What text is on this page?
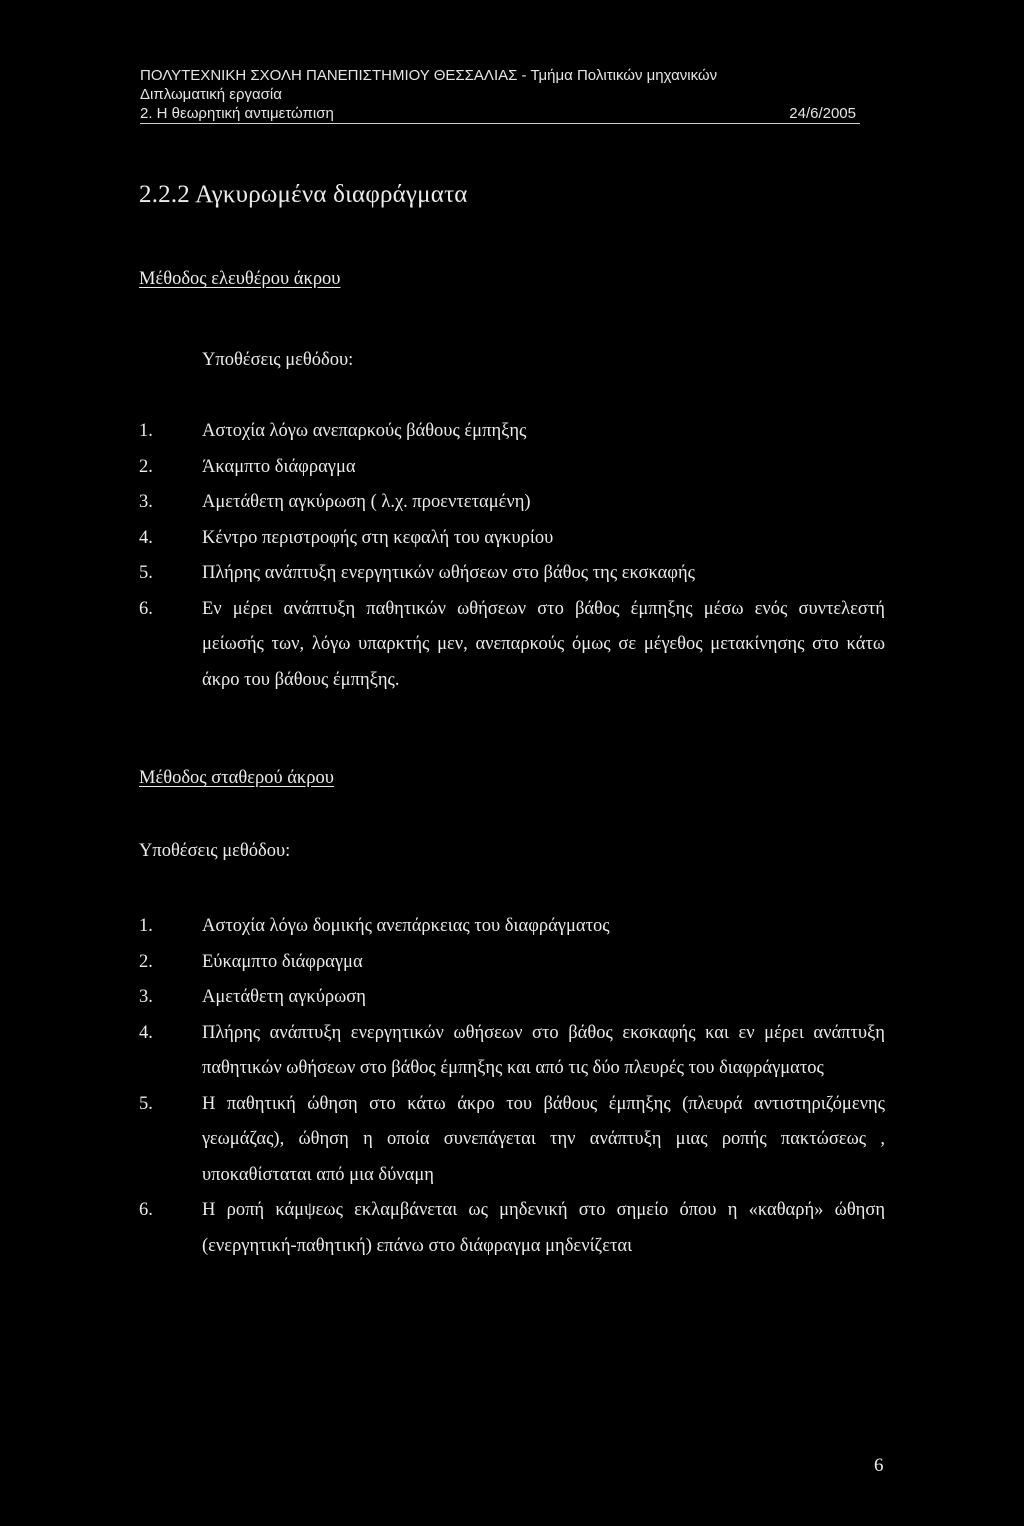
ΠΟΛΥΤΕΧΝΙΚΗ ΣΧΟΛΗ ΠΑΝΕΠΙΣΤΗΜΙΟΥ ΘΕΣΣΑΛΙΑΣ - Τμήμα Πολιτικών μηχανικών
Διπλωματική εργασία
2. Η θεωρητική αντιμετώπιση	24/6/2005
2.2.2 Αγκυρωμένα διαφράγματα
Μέθοδος ελευθέρου άκρου
Υποθέσεις μεθόδου:
1.	Αστοχία λόγω ανεπαρκούς βάθους έμπηξης
2.	Άκαμπτο διάφραγμα
3.	Αμετάθετη αγκύρωση ( λ.χ. προεντεταμένη)
4.	Κέντρο περιστροφής στη κεφαλή του αγκυρίου
5.	Πλήρης ανάπτυξη ενεργητικών ωθήσεων στο βάθος της εκσκαφής
6.	Εν μέρει ανάπτυξη παθητικών ωθήσεων στο βάθος έμπηξης μέσω ενός συντελεστή μείωσής των, λόγω υπαρκτής μεν, ανεπαρκούς όμως σε μέγεθος μετακίνησης στο κάτω άκρο του βάθους έμπηξης.
Μέθοδος σταθερού άκρου
Υποθέσεις μεθόδου:
1.	Αστοχία λόγω δομικής ανεπάρκειας του διαφράγματος
2.	Εύκαμπτο διάφραγμα
3.	Αμετάθετη αγκύρωση
4.	Πλήρης ανάπτυξη ενεργητικών ωθήσεων στο βάθος εκσκαφής και εν μέρει ανάπτυξη παθητικών ωθήσεων στο βάθος έμπηξης και από τις δύο πλευρές του διαφράγματος
5.	Η παθητική ώθηση στο κάτω άκρο του βάθους έμπηξης (πλευρά αντιστηριζόμενης γεωμάζας), ώθηση η οποία συνεπάγεται την ανάπτυξη μιας ροπής πακτώσεως , υποκαθίσταται από μια δύναμη
6.	Η ροπή κάμψεως εκλαμβάνεται ως μηδενική στο σημείο όπου η «καθαρή» ώθηση (ενεργητική-παθητική) επάνω στο διάφραγμα μηδενίζεται
6
